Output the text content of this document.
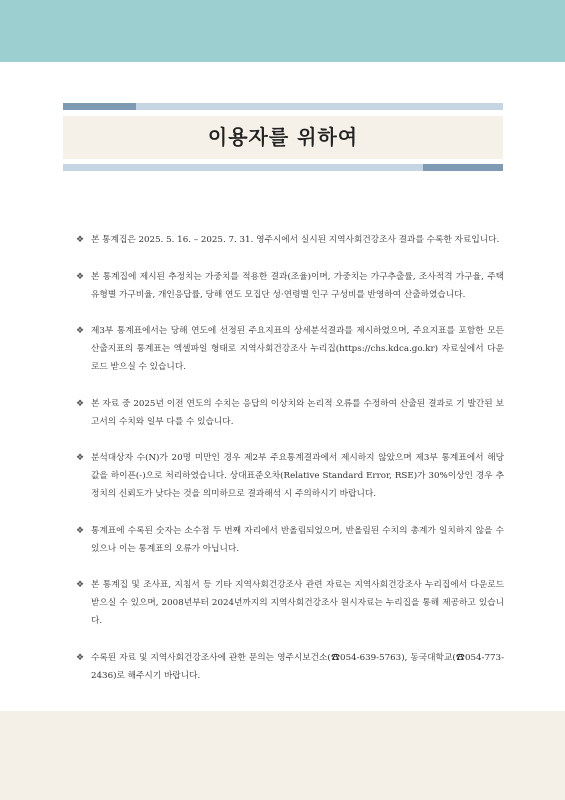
이용자를 위하여
❖ 본 통계집은 2025. 5. 16. – 2025. 7. 31. 영주시에서 실시된 지역사회건강조사 결과를 수록한 자료입니다.
❖ 본 통계집에 제시된 추정치는 가중치를 적용한 결과(조율)이며, 가중치는 가구추출률, 조사적격 가구율, 주택유형별 가구비율, 개인응답률, 당해 연도 모집단 성·연령별 인구 구성비를 반영하여 산출하였습니다.
❖ 제3부 통계표에서는 당해 연도에 선정된 주요지표의 상세분석결과를 제시하였으며, 주요지표를 포함한 모든 산출지표의 통계표는 엑셀파일 형태로 지역사회건강조사 누리집(https://chs.kdca.go.kr) 자료실에서 다운로드 받으실 수 있습니다.
❖ 본 자료 중 2025년 이전 연도의 수치는 응답의 이상치와 논리적 오류를 수정하여 산출된 결과로 기 발간된 보고서의 수치와 일부 다를 수 있습니다.
❖ 분석대상자 수(N)가 20명 미만인 경우 제2부 주요통계결과에서 제시하지 않았으며 제3부 통계표에서 해당 값을 하이픈(-)으로 처리하였습니다. 상대표준오차(Relative Standard Error, RSE)가 30%이상인 경우 추정치의 신뢰도가 낮다는 것을 의미하므로 결과해석 시 주의하시기 바랍니다.
❖ 통계표에 수록된 숫자는 소수점 두 번째 자리에서 반올림되었으며, 반올림된 수치의 총계가 일치하지 않을 수 있으나 이는 통계표의 오류가 아닙니다.
❖ 본 통계집 및 조사표, 지침서 등 기타 지역사회건강조사 관련 자료는 지역사회건강조사 누리집에서 다운로드 받으실 수 있으며, 2008년부터 2024년까지의 지역사회건강조사 원시자료는 누리집을 통해 제공하고 있습니다.
❖ 수록된 자료 및 지역사회건강조사에 관한 문의는 영주시보건소(☎054-639-5763), 동국대학교(☎054-773-2436)로 해주시기 바랍니다.
